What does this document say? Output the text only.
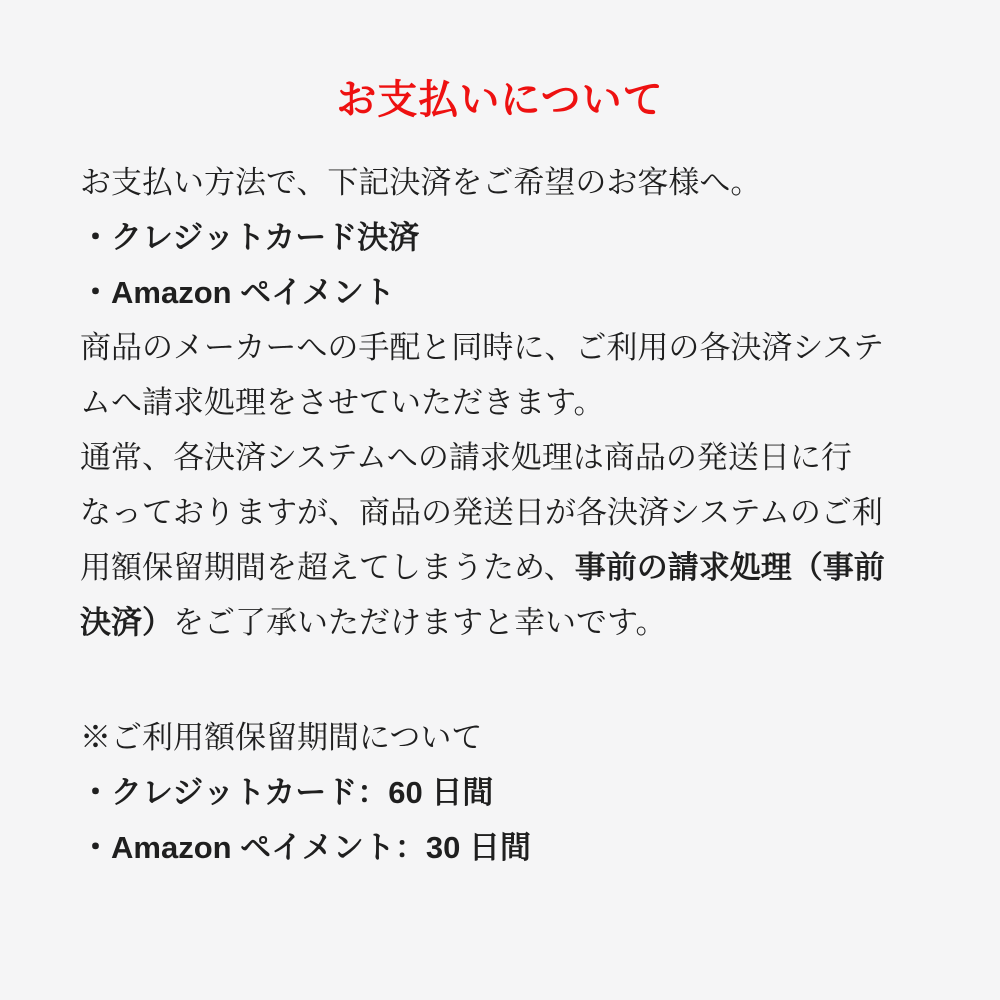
お支払いについて
お支払い方法で、下記決済をご希望のお客様へ。
・クレジットカード決済
・Amazon ペイメント
商品のメーカーへの手配と同時に、ご利用の各決済システ
ムへ請求処理をさせていただきます。
通常、各決済システムへの請求処理は商品の発送日に行
なっておりますが、商品の発送日が各決済システムのご利
用額保留期間を超えてしまうため、事前の請求処理（事前
決済）をご了承いただけますと幸いです。
※ご利用額保留期間について
・クレジットカード：60 日間
・Amazon ペイメント：30 日間
